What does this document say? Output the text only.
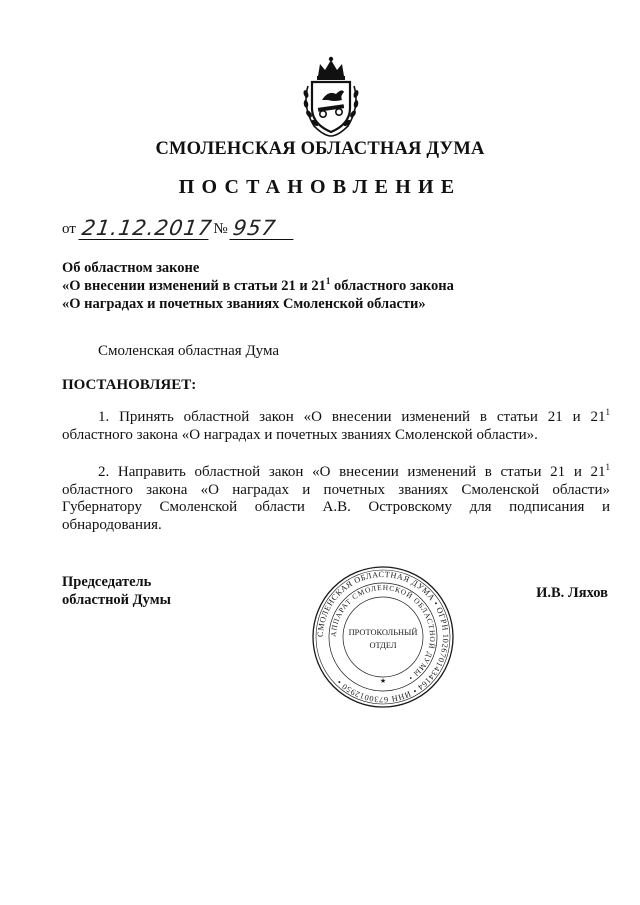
СМОЛЕНСКАЯ ОБЛАСТНАЯ ДУМА
ПОСТАНОВЛЕНИЕ
от 21.12.2017 № 957
Об областном законе
«О внесении изменений в статьи 21 и $21^1$ областного закона
«О наградах и почетных званиях Смоленской области»
Смоленская областная Дума
ПОСТАНОВЛЯЕТ:
1. Принять областной закон «О внесении изменений в статьи 21 и $21^1$ областного закона «О наградах и почетных званиях Смоленской области».
2. Направить областной закон «О внесении изменений в статьи 21 и $21^1$ областного закона «О наградах и почетных званиях Смоленской области» Губернатору Смоленской области А.В. Островскому для подписания и обнародования.
Председатель
областной Думы	И.В. Ляхов
СМОЛЕНСКАЯ ОБЛАСТНАЯ ДУМА • ОГРН 1026701434164 • ИНН 6730012950 •
АППАРАТ СМОЛЕНСКОЙ ОБЛАСТНОЙ ДУМЫ •
ПРОТОКОЛЬНЫЙ
ОТДЕЛ
★
